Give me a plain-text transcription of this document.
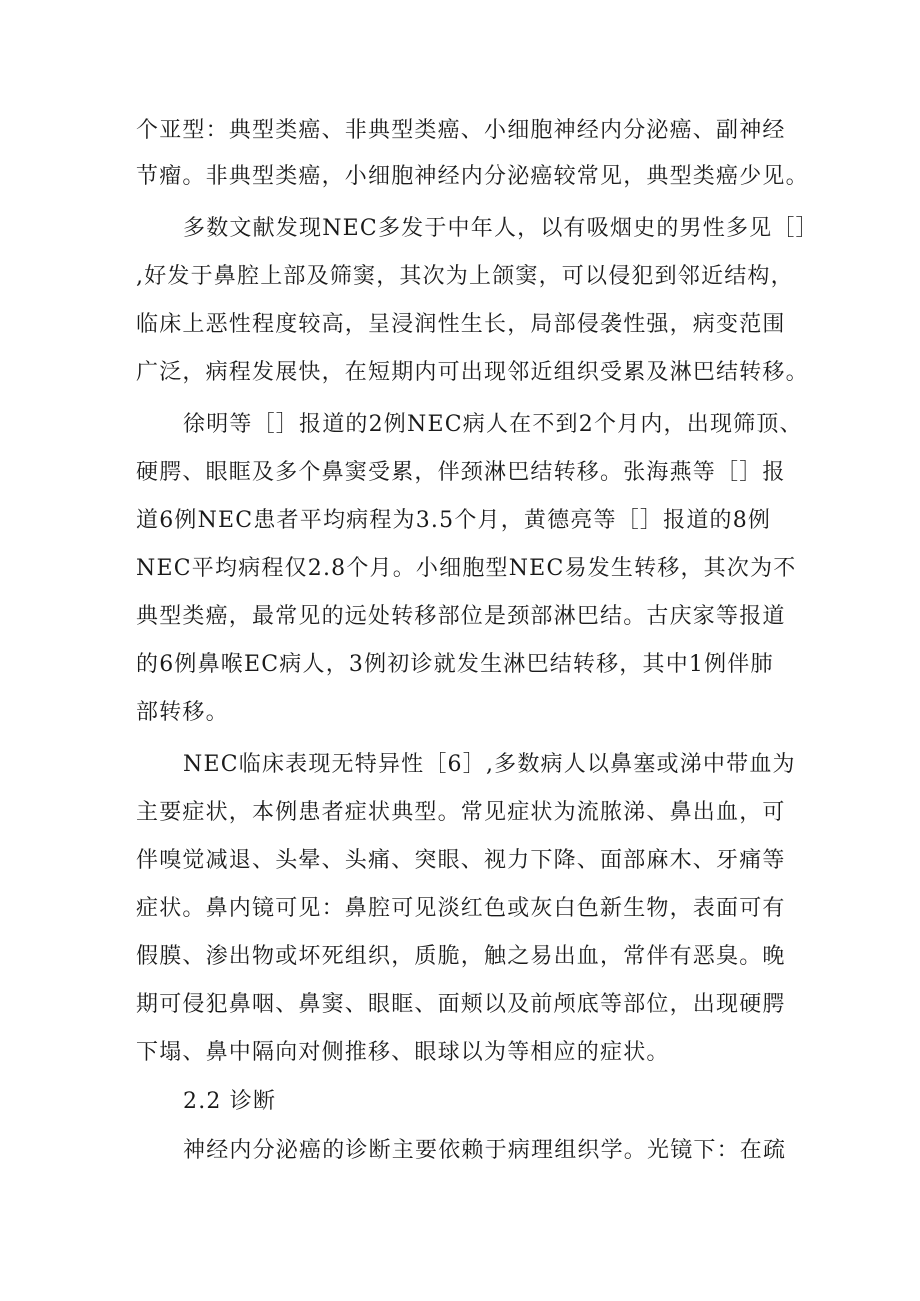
个亚型：典型类癌、非典型类癌、小细胞神经内分泌癌、副神经
节瘤。非典型类癌，小细胞神经内分泌癌较常见，典型类癌少见。
多数文献发现NEC多发于中年人，以有吸烟史的男性多见［］
,好发于鼻腔上部及筛窦，其次为上颌窦，可以侵犯到邻近结构，
临床上恶性程度较高，呈浸润性生长，局部侵袭性强，病变范围
广泛，病程发展快，在短期内可出现邻近组织受累及淋巴结转移。
徐明等［］报道的2例NEC病人在不到2个月内，出现筛顶、
硬腭、眼眶及多个鼻窦受累，伴颈淋巴结转移。张海燕等［］报
道6例NEC患者平均病程为3.5个月，黄德亮等［］报道的8例
NEC平均病程仅2.8个月。小细胞型NEC易发生转移，其次为不
典型类癌，最常见的远处转移部位是颈部淋巴结。古庆家等报道
的6例鼻喉EC病人，3例初诊就发生淋巴结转移，其中1例伴肺
部转移。
NEC临床表现无特异性［6］,多数病人以鼻塞或涕中带血为
主要症状，本例患者症状典型。常见症状为流脓涕、鼻出血，可
伴嗅觉减退、头晕、头痛、突眼、视力下降、面部麻木、牙痛等
症状。鼻内镜可见：鼻腔可见淡红色或灰白色新生物，表面可有
假膜、渗出物或坏死组织，质脆，触之易出血，常伴有恶臭。晚
期可侵犯鼻咽、鼻窦、眼眶、面颊以及前颅底等部位，出现硬腭
下塌、鼻中隔向对侧推移、眼球以为等相应的症状。
2.2 诊断
神经内分泌癌的诊断主要依赖于病理组织学。光镜下：在疏
